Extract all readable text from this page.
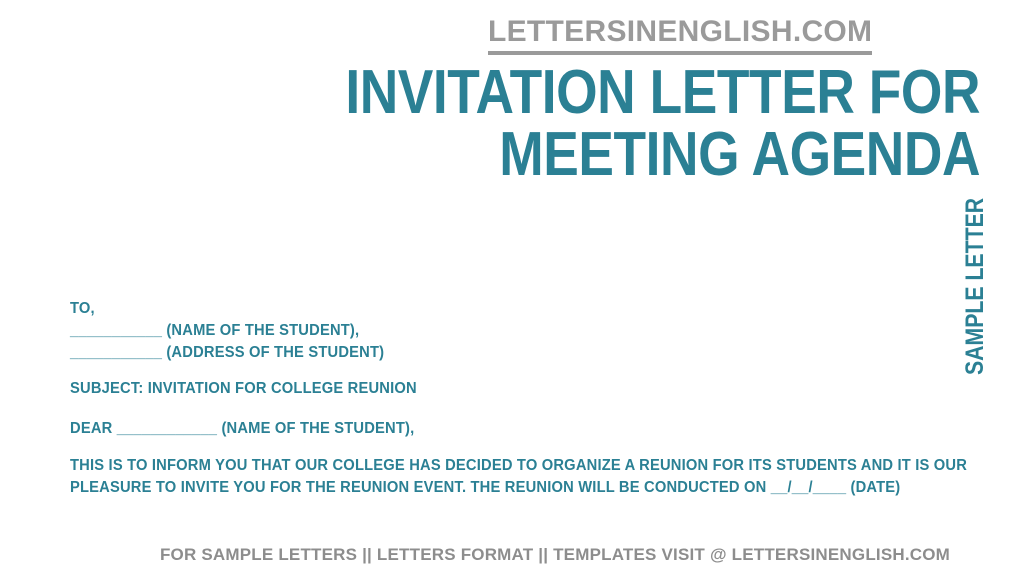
LETTERSINENGLISH.COM
INVITATION LETTER FOR
MEETING AGENDA
SAMPLE LETTER
TO,
___________ (NAME OF THE STUDENT),
___________ (ADDRESS OF THE STUDENT)
SUBJECT: INVITATION FOR COLLEGE REUNION
DEAR ____________ (NAME OF THE STUDENT),
THIS IS TO INFORM YOU THAT OUR COLLEGE HAS DECIDED TO ORGANIZE A REUNION FOR ITS STUDENTS AND IT IS OUR PLEASURE TO INVITE YOU FOR THE REUNION EVENT. THE REUNION WILL BE CONDUCTED ON __/__/____ (DATE)
FOR SAMPLE LETTERS || LETTERS FORMAT || TEMPLATES VISIT @ LETTERSINENGLISH.COM
